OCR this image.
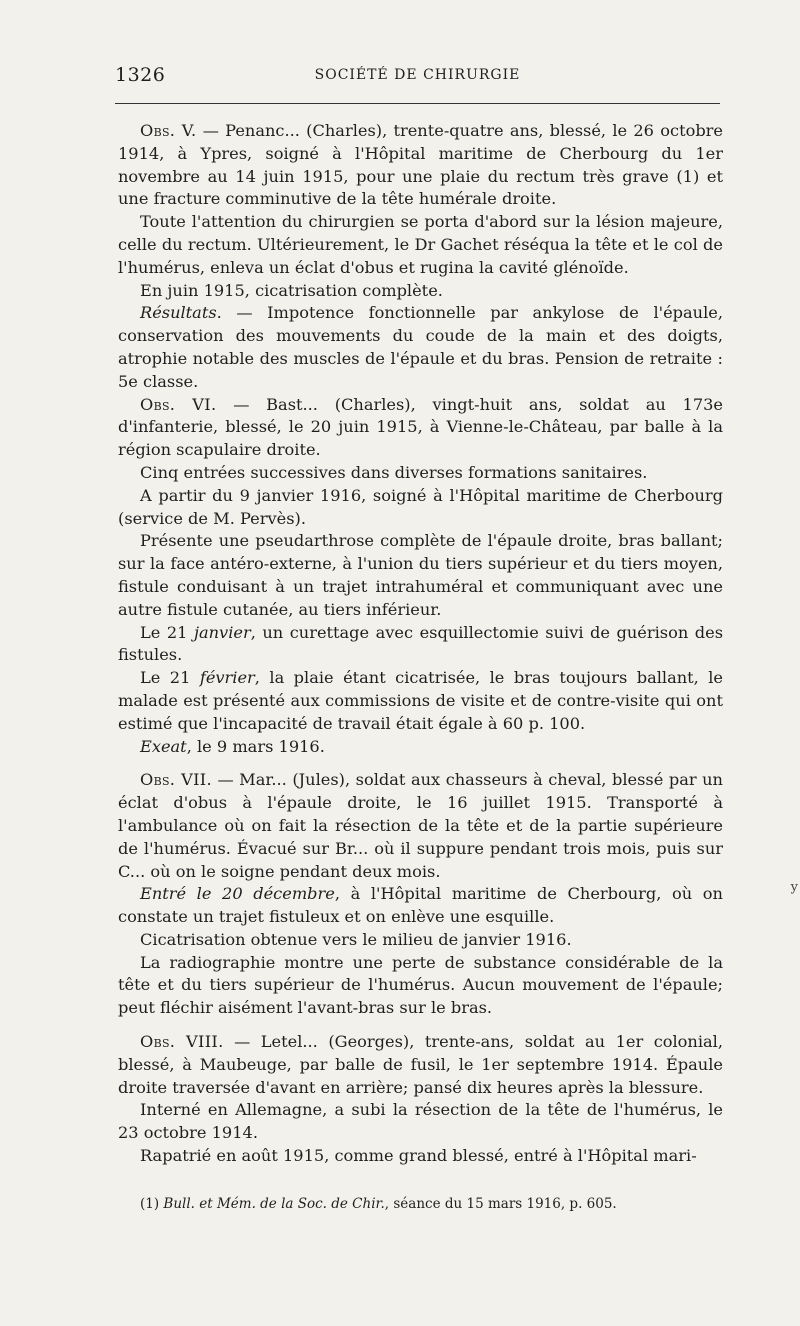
1326	SOCIÉTÉ DE CHIRURGIE

Obs. V. — Penanc... (Charles), trente-quatre ans, blessé, le 26 octobre 1914, à Ypres, soigné à l'Hôpital maritime de Cherbourg du 1er novembre au 14 juin 1915, pour une plaie du rectum très grave (1) et une fracture comminutive de la tête humérale droite.

Toute l'attention du chirurgien se porta d'abord sur la lésion majeure, celle du rectum. Ultérieurement, le Dr Gachet réséqua la tête et le col de l'humérus, enleva un éclat d'obus et rugina la cavité glénoïde.

En juin 1915, cicatrisation complète.

Résultats. — Impotence fonctionnelle par ankylose de l'épaule, conservation des mouvements du coude de la main et des doigts, atrophie notable des muscles de l'épaule et du bras. Pension de retraite : 5e classe.

Obs. VI. — Bast... (Charles), vingt-huit ans, soldat au 173e d'infanterie, blessé, le 20 juin 1915, à Vienne-le-Château, par balle à la région scapulaire droite.

Cinq entrées successives dans diverses formations sanitaires.

A partir du 9 janvier 1916, soigné à l'Hôpital maritime de Cherbourg (service de M. Pervès).

Présente une pseudarthrose complète de l'épaule droite, bras ballant; sur la face antéro-externe, à l'union du tiers supérieur et du tiers moyen, fistule conduisant à un trajet intrahuméral et communiquant avec une autre fistule cutanée, au tiers inférieur.

Le 21 janvier, un curettage avec esquillectomie suivi de guérison des fistules.

Le 21 février, la plaie étant cicatrisée, le bras toujours ballant, le malade est présenté aux commissions de visite et de contre-visite qui ont estimé que l'incapacité de travail était égale à 60 p. 100.

Exeat, le 9 mars 1916.

Obs. VII. — Mar... (Jules), soldat aux chasseurs à cheval, blessé par un éclat d'obus à l'épaule droite, le 16 juillet 1915. Transporté à l'ambulance où on fait la résection de la tête et de la partie supérieure de l'humérus. Évacué sur Br... où il suppure pendant trois mois, puis sur C... où on le soigne pendant deux mois.

Entré le 20 décembre, à l'Hôpital maritime de Cherbourg, où on constate un trajet fistuleux et on enlève une esquille.

Cicatrisation obtenue vers le milieu de janvier 1916.

La radiographie montre une perte de substance considérable de la tête et du tiers supérieur de l'humérus. Aucun mouvement de l'épaule; peut fléchir aisément l'avant-bras sur le bras.

Obs. VIII. — Letel... (Georges), trente-ans, soldat au 1er colonial, blessé, à Maubeuge, par balle de fusil, le 1er septembre 1914. Épaule droite traversée d'avant en arrière; pansé dix heures après la blessure.

Interné en Allemagne, a subi la résection de la tête de l'humérus, le 23 octobre 1914.

Rapatrié en août 1915, comme grand blessé, entré à l'Hôpital mari-

(1) Bull. et Mém. de la Soc. de Chir., séance du 15 mars 1916, p. 605.
y
